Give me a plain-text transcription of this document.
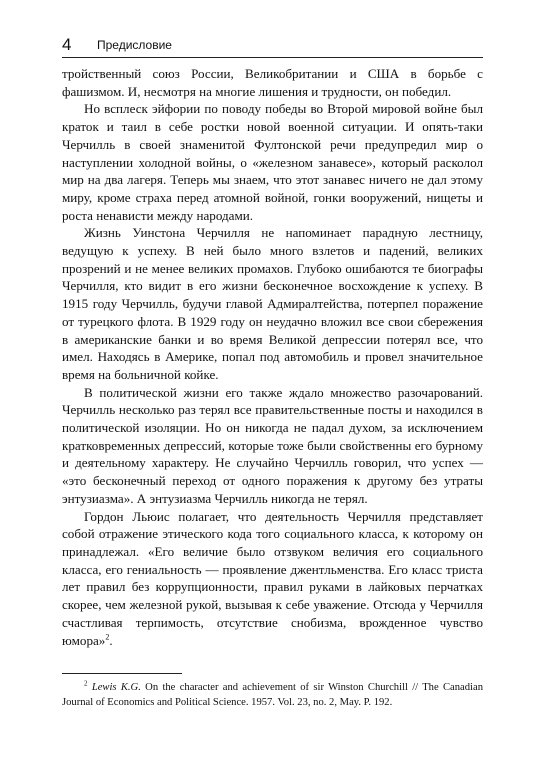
4 Предисловие

тройственный союз России, Великобритании и США в борьбе с фашизмом. И, несмотря на многие лишения и трудности, он победил.

Но всплеск эйфории по поводу победы во Второй мировой войне был краток и таил в себе ростки новой военной ситуации. И опять-таки Черчилль в своей знаменитой Фултонской речи предупредил мир о наступлении холодной войны, о «железном занавесе», который расколол мир на два лагеря. Теперь мы знаем, что этот занавес ничего не дал этому миру, кроме страха перед атомной войной, гонки вооружений, нищеты и роста ненависти между народами.

Жизнь Уинстона Черчилля не напоминает парадную лестницу, ведущую к успеху. В ней было много взлетов и падений, великих прозрений и не менее великих промахов. Глубоко ошибаются те биографы Черчилля, кто видит в его жизни бесконечное восхождение к успеху. В 1915 году Черчилль, будучи главой Адмиралтейства, потерпел поражение от турецкого флота. В 1929 году он неудачно вложил все свои сбережения в американские банки и во время Великой депрессии потерял все, что имел. Находясь в Америке, попал под автомобиль и провел значительное время на больничной койке.

В политической жизни его также ждало множество разочарований. Черчилль несколько раз терял все правительственные посты и находился в политической изоляции. Но он никогда не падал духом, за исключением кратковременных депрессий, которые тоже были свойственны его бурному и деятельному характеру. Не случайно Черчилль говорил, что успех — «это бесконечный переход от одного поражения к другому без утраты энтузиазма». А энтузиазма Черчилль никогда не терял.

Гордон Льюис полагает, что деятельность Черчилля представляет собой отражение этического кода того социального класса, к которому он принадлежал. «Его величие было отзвуком величия его социального класса, его гениальность — проявление джентльменства. Его класс триста лет правил без коррупционности, правил руками в лайковых перчатках скорее, чем железной рукой, вызывая к себе уважение. Отсюда у Черчилля счастливая терпимость, отсутствие снобизма, врожденное чувство юмора»$^2$.

$^2$ Lewis K.G. On the character and achievement of sir Winston Churchill // The Canadian Journal of Economics and Political Science. 1957. Vol. 23, no. 2, May. P. 192.
